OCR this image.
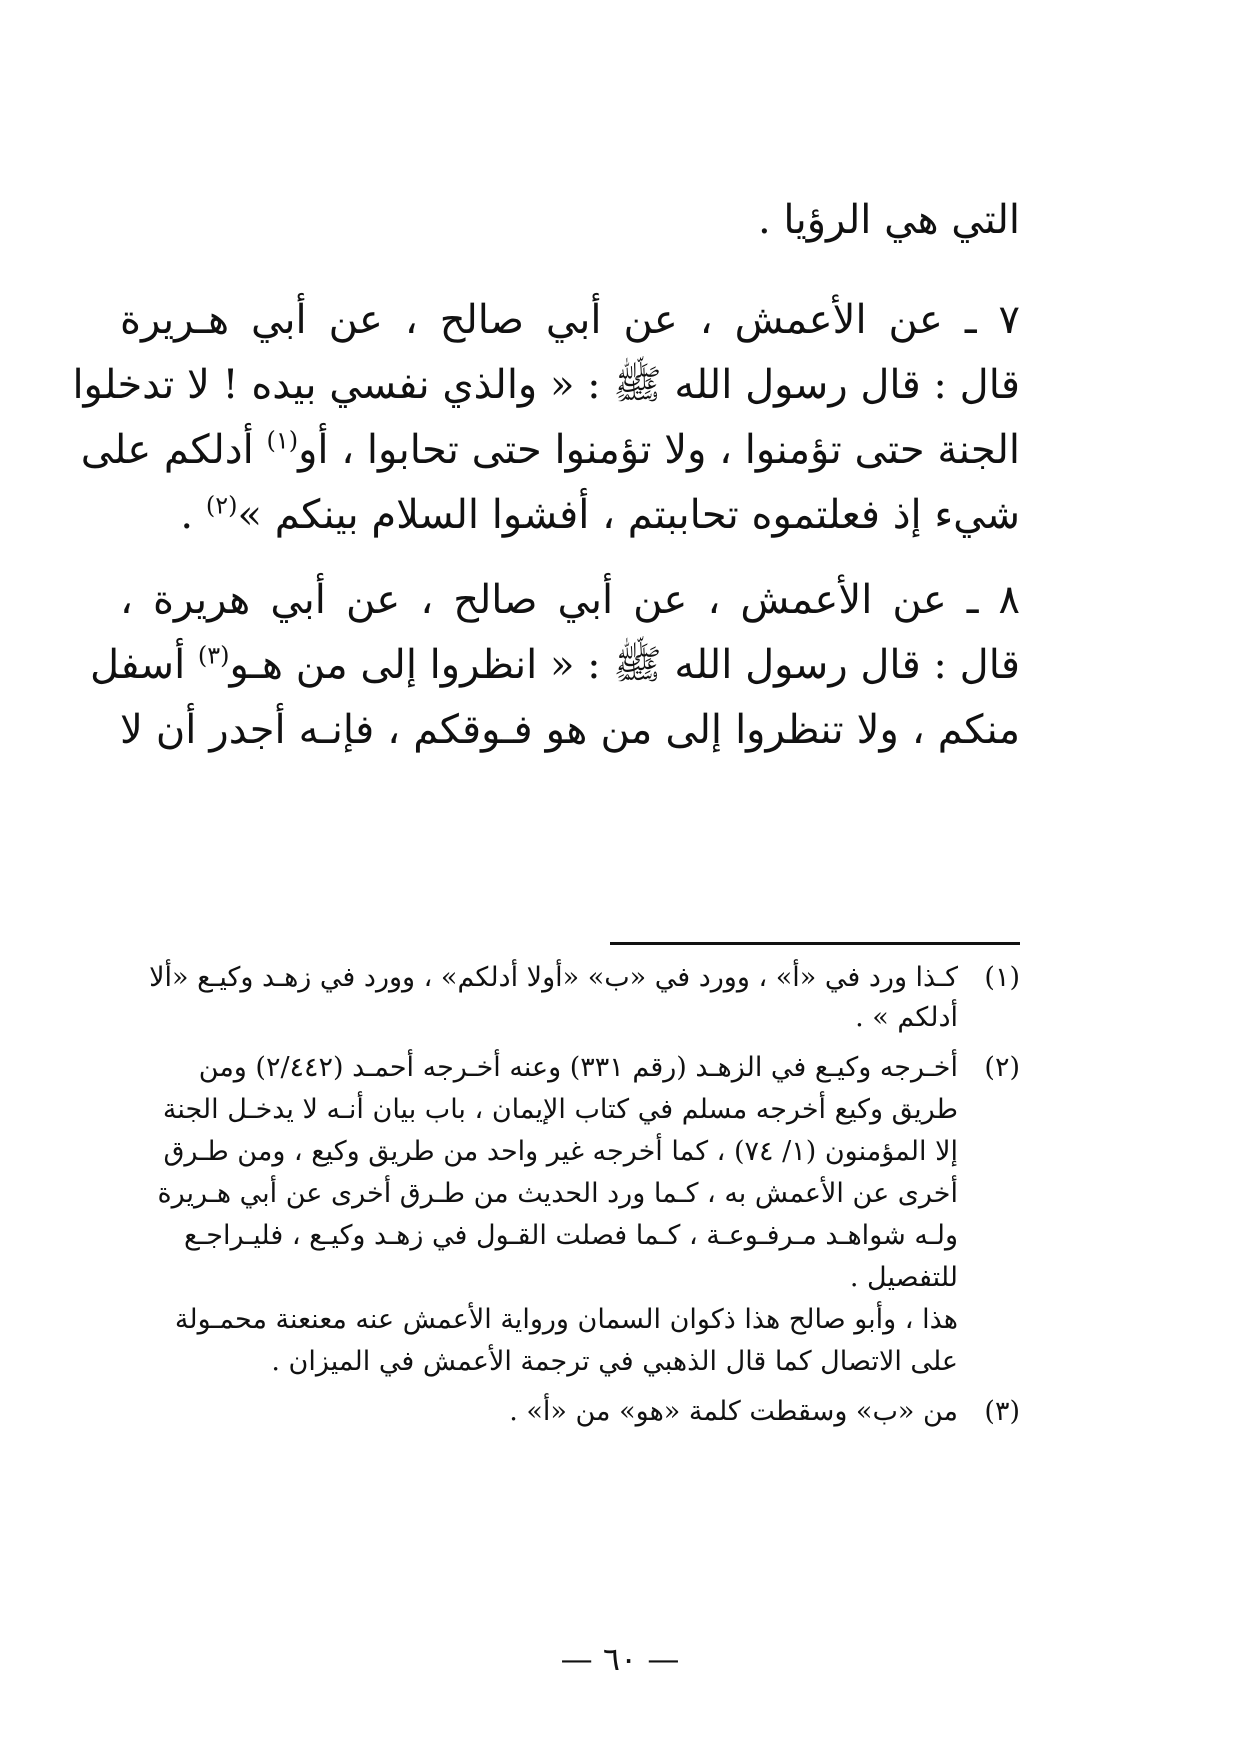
التي هي الرؤيا .
٧ ـ عن الأعمش ، عن أبي صالح ، عن أبي هـريرة
قال : قال رسول الله ﷺ : « والذي نفسي بيده ! لا تدخلوا
الجنة حتى تؤمنوا ، ولا تؤمنوا حتى تحابوا ، أو$^{(١)}$ أدلكم على
شيء إذ فعلتموه تحاببتم ، أفشوا السلام بينكم »$^{(٢)}$ .
٨ ـ عن الأعمش ، عن أبي صالح ، عن أبي هريرة ،
قال : قال رسول الله ﷺ : « انظروا إلى من هـو$^{(٣)}$ أسفل
منكم ، ولا تنظروا إلى من هو فـوقكم ، فإنـه أجدر أن لا
(١)كـذا ورد في «أ» ، وورد في «ب» «أولا أدلكم» ، وورد في زهـد وكيـع «ألا
أدلكم » .
(٢)أخـرجه وكيـع في الزهـد (رقم ٣٣١) وعنه أخـرجه أحمـد (٢/٤٤٢) ومن
طريق وكيع أخرجه مسلم في كتاب الإيمان ، باب بيان أنـه لا يدخـل الجنة
إلا المؤمنون (١/ ٧٤) ، كما أخرجه غير واحد من طريق وكيع ، ومن طـرق
أخرى عن الأعمش به ، كـما ورد الحديث من طـرق أخرى عن أبي هـريرة
ولـه شواهـد مـرفـوعـة ، كـما فصلت القـول في زهـد وكيـع ، فليـراجـع
للتفصيل .
هذا ، وأبو صالح هذا ذكوان السمان ورواية الأعمش عنه معنعنة محمـولة
على الاتصال كما قال الذهبي في ترجمة الأعمش في الميزان .
(٣)من «ب» وسقطت كلمة «هو» من «أ» .
— ٦٠ —
